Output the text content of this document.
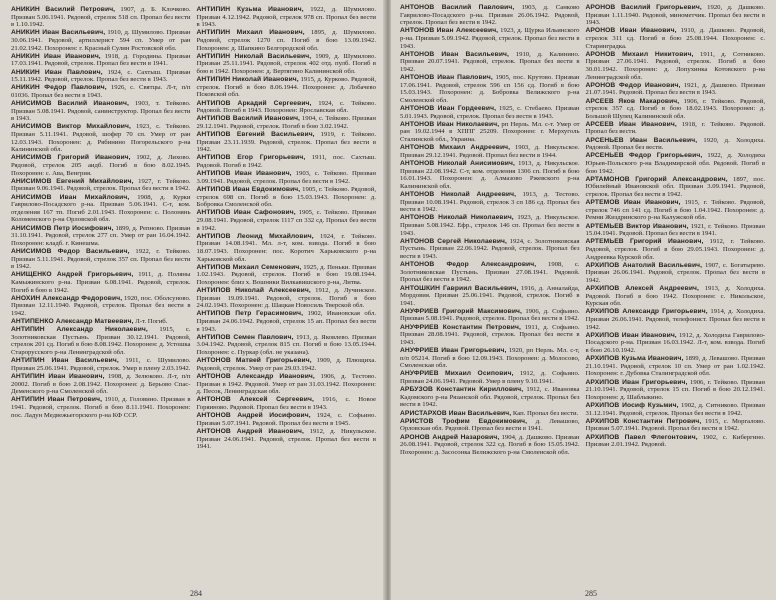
АНИКИН Василий Петрович, 1907, д. Б. Клочково. Призван 5.06.1941. Рядовой, стрелок 518 сп. Пропал без вести в 1.10.1942.

АНИКИН Иван Васильевич, 1910, д. Шумилово. Призван 30.06.1941. Рядовой, артиллерист 594 сп. Умер от ран 21.02.1942. Похоронен: г. Красный Сулин Ростовской обл.

АНИКИН Иван Иванович, 1918, д. Городины. Призван 17.03.1941. Рядовой, стрелок. Пропал без вести в 1941.

АНИКИН Иван Павлович, 1924, с. Сахтыш. Призван 15.11.1942. Рядовой, стрелок. Пропал без вести в 1943.

АНИКИН Федор Павлович, 1926, с. Святцы. Л-т, п/п 01036. Пропал без вести в 1943.

АНИСИМОВ Василий Иванович, 1903, т. Тейково. Призван 5.08.1941. Рядовой, санинструктор. Пропал без вести в 1943.

АНИСИМОВ Виктор Михайлович, 1923, с. Тейково. Призван 5.11.1941. Рядовой, шофер 70 сп. Умер от ран 12.03.1943. Похоронен: д. Рябинино Погорельского р-на Калининской обл.

АНИСИМОВ Григорий Иванович, 1902, д. Лихово. Рядовой, стрелок 205 аидб. Погиб в бою 8.02.1945. Похоронен: с. Ава, Венгрия.

АНИСИМОВ Евгений Михайлович, 1927, г. Тейково. Призван 9.06.1941. Рядовой, стрелок. Пропал без вести в 1942.

АНИСИМОВ Иван Михайлович, 1908, д. Курки Гаврилово-Посадского р-на. Призван 5.06.1941. С-т, ком. отделения 167 тп. Погиб 2.01.1943. Похоронен: с. Полонянь Коломенского р-на Орловской обл.

АНИСИМОВ Петр Иосифович, 1899, д. Репново. Призван 31.10.1941. Рядовой, стрелок 277 сп. Умер от ран 16.04.1942. Похоронен: кладб. г. Кинешма.

АНИСИМОВ Федор Васильевич, 1922, г. Тейково. Призван 5.11.1941. Рядовой, стрелок 357 сп. Пропал без вести в 1942.

АНИЩЕНКО Андрей Григорьевич, 1911, д. Поляны Камыжинского р-на. Призван 6.08.1941. Рядовой, стрелок. Погиб в бою в 1942.

АНОХИН Александр Федорович, 1920, пос. Оболсуново. Призван 12.11.1940. Рядовой, стрелок. Пропал без вести в 1942.

АНТИПЕНКО Александр Матвеевич, Л-т. Погиб.

АНТИПИН Александр Николаевич, 1915, с. Золотниковская Пустынь. Призван 30.12.1941. Рядовой, стрелок 201 сд. Погиб в бою 8.08.1942. Похоронен: д. Устошка Старорусского р-на Ленинградской обл.

АНТИПИН Иван Васильевич, 1911, с. Шумилово. Призван 25.06.1941. Рядовой, стрелок. Умер в плену 2.03.1942.

АНТИПИН Иван Иванович, 1908, д. Зелюково. Л-т, п/п 20002. Погиб в бою 2.08.1942. Похоронен: д. Берьово Спас-Деменского р-на Смоленской обл.

АНТИПИН Иван Петрович, 1910, д. Головино. Призван в 1941. Рядовой, стрелок. Погиб в бою 8.11.1941. Похоронен: пос. Ладун Медвежьегорского р-на КФ ССР.

АНТИПИН Кузьма Иванович, 1922, д. Шумилово. Призван 4.12.1942. Рядовой, стрелок 978 сп. Пропал без вести в 1943.

АНТИПИН Михаил Иванович, 1895, д. Шумилово. Рядовой, стрелок 1270 сп. Погиб в бою 13.09.1942. Похоронен: д. Шапкино Белгородской обл.

АНТИПИН Николай Васильевич, 1909, д. Шумилово. Призван 25.11.1941. Рядовой, стрелок 402 отд. пулб. Погиб в бою в 1942. Похоронен: д. Вертягино Калининской обл.

АНТИПИН Николай Иванович, 1915, д. Курково. Рядовой, стрелок. Погиб в бою 8.06.1944. Похоронен: д. Лобачево Псковской обл.

АНТИПОВ Аркадий Сергеевич, 1924, с. Тейково. Рядовой. Погиб в 1943. Похоронен: Ярославская обл.

АНТИПОВ Василий Иванович, 1904, с. Тейково. Призван 29.12.1941. Рядовой, стрелок. Погиб в бою 3.02.1942.

АНТИПОВ Евгений Васильевич, 1919, г. Тейково. Призван 23.11.1939. Рядовой, стрелок. Пропал без вести в 1942.

АНТИПОВ Егор Григорьевич, 1911, пос. Сахтыш. Рядовой. Погиб в 1942.

АНТИПОВ Иван Иванович, 1903, с. Тейково. Призван 3.09.1941. Рядовой, стрелок. Пропал без вести в 1942.

АНТИПОВ Иван Евдокимович, 1905, г. Тейково. Рядовой, стрелок 698 сп. Погиб в бою 15.03.1943. Похоронен: д. Бобровка Смоленской обл.

АНТИПОВ Иван Сафонович, 1905, с. Тейково. Призван 29.08.1941. Рядовой, стрелок 1117 сп 332 сд. Пропал без вести в 1942.

АНТИПОВ Леонид Михайлович, 1924, г. Тейково. Призван 14.08.1941. Мл. л-т, ком. взвода. Погиб в бою 18.07.1943. Похоронен: пос. Коротич Харьковского р-на Харьковской обл.

АНТИПОВ Михаил Семенович, 1925, д. Пеньки. Призван 1.02.1943. Рядовой, стрелок. Погиб в бою 19.08.1944. Похоронен: близ х. Вошники Вилкавишского р-на, Литва.

АНТИПОВ Николай Алексеевич, 1912, д. Лучинское. Призван 19.09.1941. Рядовой, стрелок. Погиб в бою 24.02.1943. Похоронен: д. Шацкая Новосиль Тверской обл.

АНТИПОВ Петр Герасимович, 1902, Ивановская обл. Призван 24.06.1942. Рядовой, стрелок 15 ап. Пропал без вести в 1943.

АНТИПОВ Семен Павлович, 1913, д. Яковлево. Призван 3.04.1942. Рядовой, стрелок 815 сп. Погиб в бою 13.05.1944. Похоронен: с. Пуркар (обл. не указана).

АНТОНОВ Матвей Григорьевич, 1909, д. Плющиха. Рядовой, стрелок. Умер от ран 29.03.1942.

АНТОНОВ Александр Иванович, 1906, д. Тестово. Призван в 1942. Рядовой. Умер от ран 31.03.1942. Похоронен: д. Песок, Ленинградская обл.

АНТОНОВ Алексей Сергеевич, 1916, с. Новое Горяиново. Рядовой. Пропал без вести в 1943.

АНТОНОВ Андрей Иосифович, 1924, с. Софьино. Призван 5.07.1941. Рядовой. Пропал без вести в 1945.

АНТОНОВ Андрей Иванович, 1912, д. Никульское. Призван 24.06.1941. Рядовой, стрелок. Пропал без вести в 1941.

АНТОНОВ Василий Павлович, 1903, д. Санково Гаврилово-Посадского р-на. Призван 26.06.1942. Рядовой, стрелок. Пропал без вести в 1942.

АНТОНОВ Иван Алексеевич, 1923, д. Щурка Ильинского р-на. Призван 5.09.1942. Рядовой, стрелок. Пропал без вести в 1943.

АНТОНОВ Иван Васильевич, 1910, д. Калинино. Призван 20.07.1941. Рядовой, стрелок. Пропал без вести в 1942.

АНТОНОВ Иван Павлович, 1905, пос. Крутово. Призван 17.06.1941. Рядовой, стрелок 596 сп 156 сд. Погиб в бою 15.03.1943. Похоронен: д. Бобровка Велижского р-на Смоленской обл.

АНТОНОВ Иван Гордеевич, 1925, с. Стебаево. Призван 5.01.1943. Рядовой, стрелок. Пропал без вести в 1943.

АНТОНОВ Иван Николаевич, рп Нерль. Мл. с-т. Умер от ран 19.02.1944 в ХППГ 25209. Похоронен: г. Мерхуголь Сталинской обл., Украина.

АНТОНОВ Михаил Андреевич, 1903, д. Никульское. Призван 29.12.1941. Рядовой. Пропал без вести в 1944.

АНТОНОВ Николай Анисимович, 1913, д. Никульское. Призван 22.08.1942. С-т, ком. отделения 1306 сп. Погиб в бою 16.01.1943. Похоронен: д. Алмазово Ржевского р-на Калининской обл.

АНТОНОВ Николай Андреевич, 1913, д. Тестово. Призван 10.08.1941. Рядовой, стрелок 3 сп 186 сд. Пропал без вести в 1942.

АНТОНОВ Николай Николаевич, 1923, д. Никульское. Призван 5.08.1942. Ефр., стрелок 146 сп. Пропал без вести в 1943.

АНТОНОВ Сергей Николаевич, 1924, с. Золотниковская Пустынь. Призван 22.06.1942. Рядовой, стрелок. Пропал без вести в 1943.

АНТОНОВ Федор Александрович, 1908, с. Золотниковская Пустынь. Призван 27.08.1941. Рядовой. Пропал без вести в 1942.

АНТОШКИН Гавриил Васильевич, 1916, д. Анналайда, Мордовия. Призван 25.06.1941. Рядовой, стрелок. Погиб в 1941.

АНУФРИЕВ Григорий Максимович, 1906, д. Софьино. Призван 5.08.1941. Рядовой, стрелок. Пропал без вести в 1942.

АНУФРИЕВ Константин Петрович, 1911, д. Софьино. Призван 28.08.1941. Рядовой, стрелок. Пропал без вести в 1943.

АНУФРИЕВ Иван Григорьевич, 1920, рп Нерль. Мл. с-т, п/п 05214. Погиб в бою 12.09.1943. Похоронен: д. Молосово, Смоленская обл.

АНУФРИЕВ Михаил Осипович, 1912, д. Софьино. Призван 24.06.1941. Рядовой. Умер в плену 9.10.1941.

АРБУЗОВ Константин Кириллович, 1912, с. Ивановка Кадомского р-на Рязанской обл. Рядовой, стрелок. Пропал без вести в 1942.

АРИСТАРХОВ Иван Васильевич, Кап. Пропал без вести.

АРИСТОВ Трофим Евдокимович, д. Левашово, Орловская обл. Рядовой. Пропал без вести в 1941.

АРОНОВ Андрей Назарович, 1904, д. Дашково. Призван 26.08.1941. Рядовой, стрелок 322 сд. Погиб в бою 15.05.1942. Похоронен: д. Засосонка Велижского р-на Смоленской обл.

АРОНОВ Василий Григорьевич, 1920, д. Дашково. Призван 1.11.1940. Рядовой, минометчик. Пропал без вести в 1943.

АРОНОВ Иван Иванович, 1910, д. Дашково. Рядовой, стрелок 311 сд. Погиб в бою 25.08.1944. Похоронен: с. Старинградка.

АРОНОВ Михаил Никитович, 1911, д. Сотниково. Призван 27.06.1941. Рядовой, стрелок. Погиб в бою 30.01.1942. Похоронен: д. Лопухинка Котовского р-на Ленинградской обл.

АРОНОВ Федор Иванович, 1921, д. Дашково. Призван 21.07.1941. Рядовой. Пропал без вести в 1943.

АРСЕЕВ Яков Макарович, 1906, г. Тейково. Рядовой, стрелок 357 сд. Погиб в бою 18.02.1943. Похоронен: д. Большой Шулец Калининской обл.

АРСЕЕВ Иван Иванович, 1918, г. Тейково. Рядовой. Пропал без вести.

АРСЕНЬЕВ Иван Васильевич, 1920, д. Холодиха. Рядовой. Пропал без вести.

АРСЕНЬЕВ Федор Григорьевич, 1922, д. Холодиха Юрьев-Польского р-на Владимирской обл. Рядовой. Погиб в бою 1942.

АРТАМОНОВ Григорий Александрович, 1897, пос. Юбилейный Ивановской обл. Призван 3.09.1941. Рядовой, стрелок. Пропал без вести в 1942.

АРТЕМОВ Иван Иванович, 1915, г. Тейково. Рядовой, стрелок 746 сп 141 сд. Погиб в бою 1.04.1942. Похоронен: д. Ремни Жиздринского р-на Калужской обл.

АРТЕМЬЕВ Виктор Иванович, 1921, г. Тейково. Призван 15.04.1941. Рядовой. Пропал без вести в 1941.

АРТЕМЬЕВ Григорий Иванович, 1912, г. Тейково. Рядовой, стрелок. Погиб в бою 29.05.1943. Похоронен: д. Андреевка Курской обл.

АРХИПОВ Анатолий Васильевич, 1907, с. Богатырево. Призван 26.06.1941. Рядовой, стрелок. Пропал без вести в 1942.

АРХИПОВ Алексей Андреевич, 1913, д. Холодиха. Рядовой. Погиб в бою 1942. Похоронен: с. Никольское, Курская обл.

АРХИПОВ Александр Григорьевич, 1914, д. Холодиха. Призван 26.06.1941. Рядовой, телефонист. Пропал без вести в 1942.

АРХИПОВ Иван Иванович, 1912, д. Холодиха Гаврилово-Посадского р-на. Призван 16.03.1942. Л-т, ком. взвода. Погиб в бою 26.10.1942.

АРХИПОВ Кузьма Иванович, 1899, д. Левашово. Призван 21.10.1941. Рядовой, стрелок 10 сп. Умер от ран 1.02.1942. Похоронен: г. Дубовка Сталинградской обл.

АРХИПОВ Иван Григорьевич, 1906, г. Тейково. Призван 21.10.1941. Рядовой, стрелок 15 сп. Погиб в бою 20.12.1941. Похоронен: д. Шаблыкино.

АРХИПОВ Иосиф Кузьмич, 1902, д. Ситниково. Призван 31.12.1941. Рядовой, стрелок. Пропал без вести в 1942.

АРХИПОВ Константин Петрович, 1915, с. Моргалово. Призван 5.07.1941. Рядовой. Пропал без вести в 1942.

АРХИПОВ Павел Флегонтович, 1902, с. Кибергино. Призван 2.01.1942. Рядовой.

284	285
